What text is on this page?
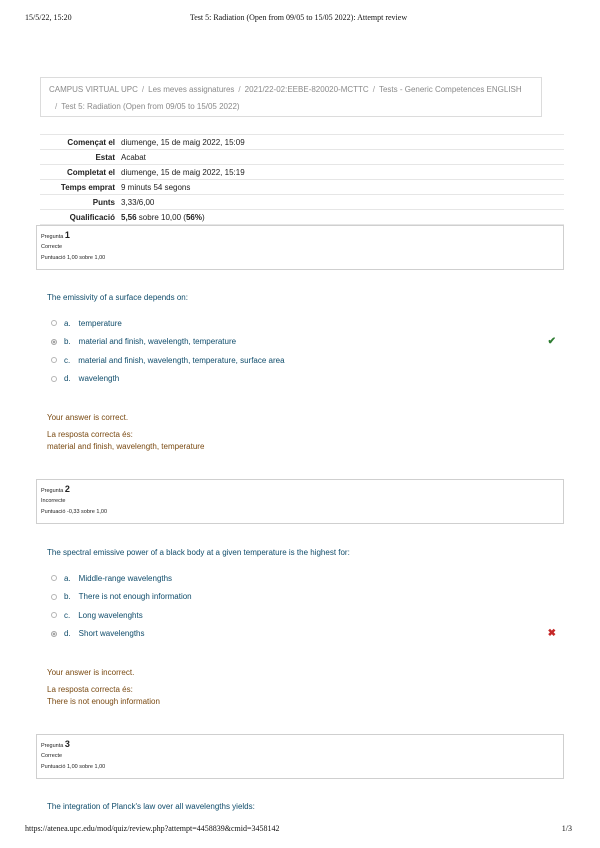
15/5/22, 15:20	Test 5: Radiation (Open from 09/05 to 15/05 2022): Attempt review
CAMPUS VIRTUAL UPC / Les meves assignatures / 2021/22-02:EEBE-820020-MCTTC / Tests - Generic Competences ENGLISH
/ Test 5: Radiation (Open from 09/05 to 15/05 2022)
Començat el	diumenge, 15 de maig 2022, 15:09
Estat	Acabat
Completat el	diumenge, 15 de maig 2022, 15:19
Temps emprat	9 minuts 54 segons
Punts	3,33/6,00
Qualificació	5,56 sobre 10,00 (56%)
Pregunta 1
Correcte
Puntuació 1,00 sobre 1,00
The emissivity of a surface depends on:
a. temperature
b. material and finish, wavelength, temperature	✔
c. material and finish, wavelength, temperature, surface area
d. wavelength
Your answer is correct.
La resposta correcta és:
material and finish, wavelength, temperature
Pregunta 2
Incorrecte
Puntuació -0,33 sobre 1,00
The spectral emissive power of a black body at a given temperature is the highest for:
a. Middle-range wavelengths
b. There is not enough information
c. Long wavelenghts
d. Short wavelengths	✖
Your answer is incorrect.
La resposta correcta és:
There is not enough information
Pregunta 3
Correcte
Puntuació 1,00 sobre 1,00
The integration of Planck's law over all wavelengths yields:
https://atenea.upc.edu/mod/quiz/review.php?attempt=4458839&cmid=3458142	1/3
